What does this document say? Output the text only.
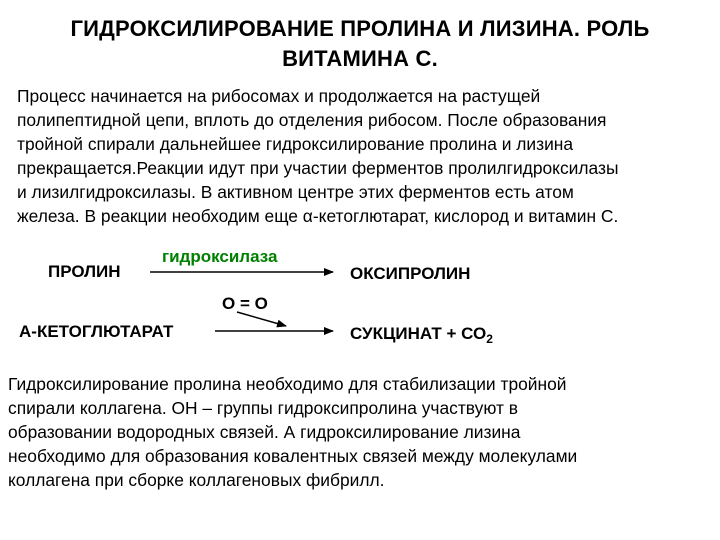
ГИДРОКСИЛИРОВАНИЕ ПРОЛИНА И ЛИЗИНА. РОЛЬ
ВИТАМИНА С.
Процесс начинается на рибосомах и продолжается на растущей
полипептидной цепи, вплоть до отделения рибосом. После образования
тройной спирали дальнейшее гидроксилирование пролина и лизина
прекращается.Реакции идут при участии ферментов пролилгидроксилазы
и лизилгидроксилазы. В активном центре этих ферментов есть атом
железа. В реакции необходим еще α-кетоглютарат, кислород и витамин С.
ПРОЛИН
гидроксилаза
ОКСИПРОЛИН
O = O
А-КЕТОГЛЮТАРАТ	СУКЦИНАТ + $СО_2$
Гидроксилирование пролина необходимо для стабилизации тройной
спирали коллагена. ОН – группы гидроксипролина участвуют в
образовании водородных связей. А гидроксилирование лизина
необходимо для образования ковалентных связей между молекулами
коллагена при сборке коллагеновых фибрилл.
